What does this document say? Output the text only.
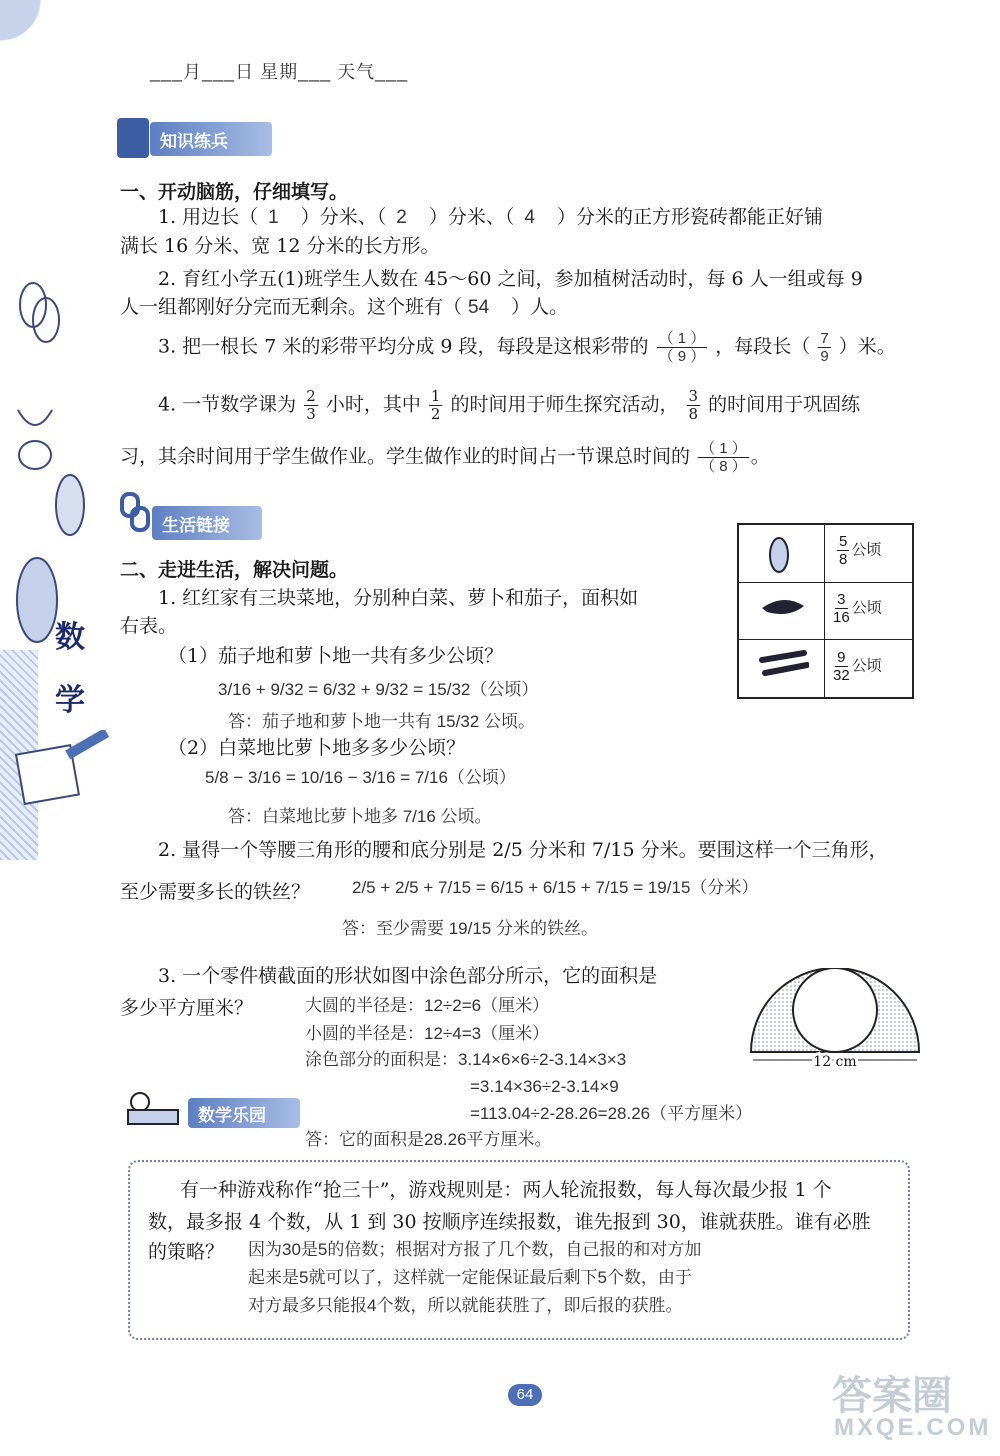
数
学
___月___日 星期___ 天气___
知识练兵
一、开动脑筋，仔细填写。
1. 用边长（ 1 ）分米、（ 2 ）分米、（ 4 ）分米的正方形瓷砖都能正好铺
满长 16 分米、宽 12 分米的长方形。
2. 育红小学五(1)班学生人数在 45～60 之间，参加植树活动时，每 6 人一组或每 9
人一组都刚好分完而无剩余。这个班有（ 54 ）人。
3. 把一根长 7 米的彩带平均分成 9 段，每段是这根彩带的 $\frac{( 1 )}{( 9 )}$ ，每段长（ $\frac{7}{9}$ ）米。
4. 一节数学课为 $\frac{2}{3}$ 小时，其中 $\frac{1}{2}$ 的时间用于师生探究活动， $\frac{3}{8}$ 的时间用于巩固练
习，其余时间用于学生做作业。学生做作业的时间占一节课总时间的 $\frac{( 1 )}{( 8 )}$ 。
生活链接
$\frac{5}{8}$ 公顷
$\frac{3}{16}$ 公顷
$\frac{9}{32}$ 公顷
二、走进生活，解决问题。
1. 红红家有三块菜地，分别种白菜、萝卜和茄子，面积如
右表。
（1）茄子地和萝卜地一共有多少公顷？
3/16 + 9/32 = 6/32 + 9/32 = 15/32（公顷）
答：茄子地和萝卜地一共有 15/32 公顷。
（2）白菜地比萝卜地多多少公顷？
5/8 − 3/16 = 10/16 − 3/16 = 7/16（公顷）
答：白菜地比萝卜地多 7/16 公顷。
2. 量得一个等腰三角形的腰和底分别是 2/5 分米和 7/15 分米。要围这样一个三角形，
至少需要多长的铁丝？ 2/5 + 2/5 + 7/15 = 6/15 + 6/15 + 7/15 = 19/15（分米）
答：至少需要 19/15 分米的铁丝。
3. 一个零件横截面的形状如图中涂色部分所示，它的面积是
多少平方厘米？	大圆的半径是：12÷2=6（厘米）
小圆的半径是：12÷4=3（厘米）
涂色部分的面积是：3.14×6×6÷2-3.14×3×3
=3.14×36÷2-3.14×9
=113.04÷2-28.26=28.26（平方厘米）
答：它的面积是28.26平方厘米。
12 cm
数学乐园
有一种游戏称作“抢三十”，游戏规则是：两人轮流报数，每人每次最少报 1 个
数，最多报 4 个数，从 1 到 30 按顺序连续报数，谁先报到 30，谁就获胜。谁有必胜
的策略？ 因为30是5的倍数；根据对方报了几个数，自己报的和对方加
起来是5就可以了，这样就一定能保证最后剩下5个数，由于
对方最多只能报4个数，所以就能获胜了，即后报的获胜。
64	答案圈
MXQE.COM
